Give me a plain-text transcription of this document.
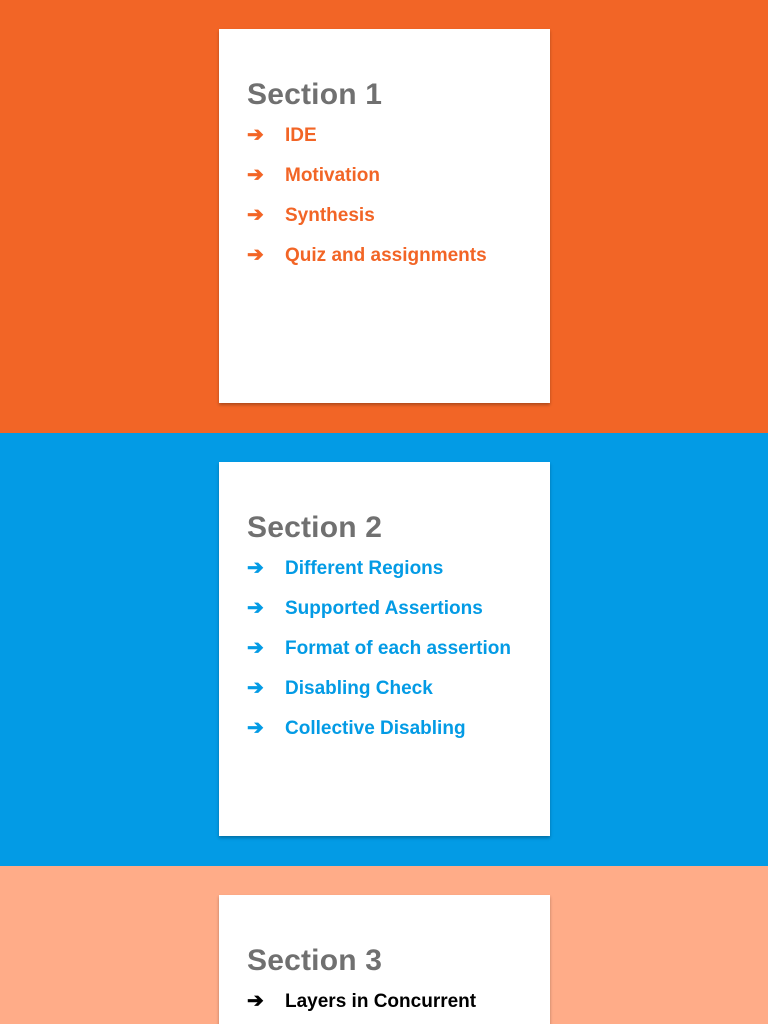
Section 1
➔	IDE
➔	Motivation
➔	Synthesis
➔	Quiz and assignments
Section 2
➔	Different Regions
➔	Supported Assertions
➔	Format of each assertion
➔	Disabling Check
➔	Collective Disabling
Section 3
➔	Layers in Concurrent
